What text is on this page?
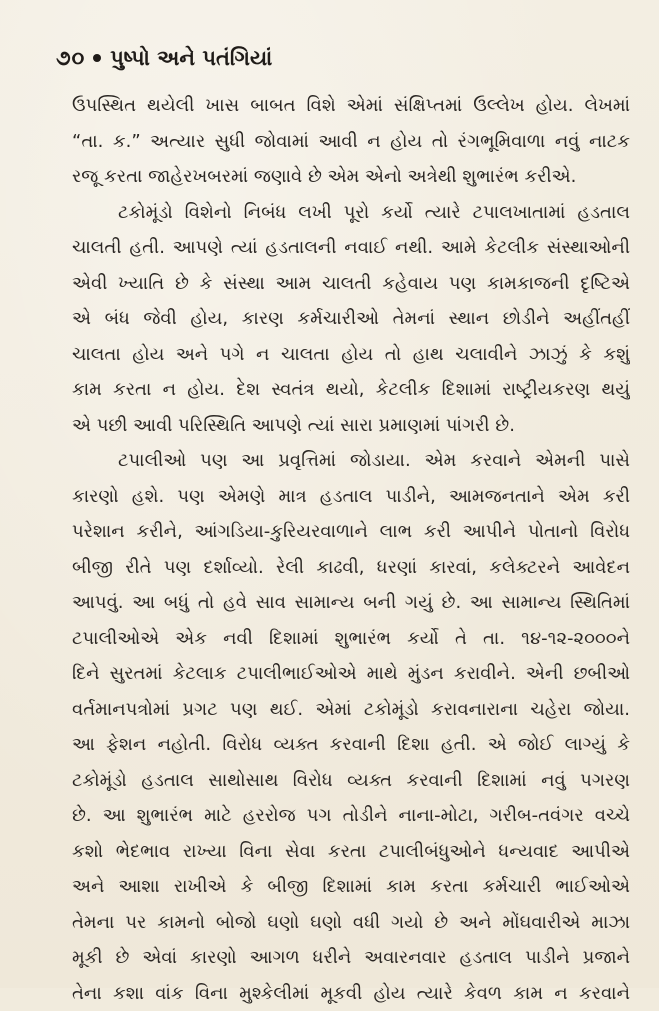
૭૦ પુષ્પો અને પતંગિયાં
ઉપસ્થિત થયેલી ખાસ બાબત વિશે એમાં સંક્ષિપ્તમાં ઉલ્લેખ હોય. લેખમાં
“તા. ક.” અત્યાર સુધી જોવામાં આવી ન હોય તો રંગભૂમિવાળા નવું નાટક
રજૂ કરતા જાહેરખબરમાં જણાવે છે એમ એનો અત્રેથી શુભારંભ કરીએ.
ટકોમૂંડો વિશેનો નિબંધ લખી પૂરો કર્યો ત્યારે ટપાલખાતામાં હડતાલ
ચાલતી હતી. આપણે ત્યાં હડતાલની નવાઈ નથી. આમે કેટલીક સંસ્થાઓની
એવી ખ્યાતિ છે કે સંસ્થા આમ ચાલતી કહેવાય પણ કામકાજની દૃષ્ટિએ
એ બંધ જેવી હોય, કારણ કર્મચારીઓ તેમનાં સ્થાન છોડીને અહીંતહીં
ચાલતા હોય અને પગે ન ચાલતા હોય તો હાથ ચલાવીને ઝાઝું કે કશું
કામ કરતા ન હોય. દેશ સ્વતંત્ર થયો, કેટલીક દિશામાં રાષ્ટ્રીયકરણ થયું
એ પછી આવી પરિસ્થિતિ આપણે ત્યાં સારા પ્રમાણમાં પાંગરી છે.
ટપાલીઓ પણ આ પ્રવૃત્તિમાં જોડાયા. એમ કરવાને એમની પાસે
કારણો હશે. પણ એમણે માત્ર હડતાલ પાડીને, આમજનતાને એમ કરી
પરેશાન કરીને, આંગડિયા-કુરિયરવાળાને લાભ કરી આપીને પોતાનો વિરોધ
બીજી રીતે પણ દર્શાવ્યો. રેલી કાઢવી, ધરણાં કારવાં, કલેક્ટરને આવેદન
આપવું. આ બધું તો હવે સાવ સામાન્ય બની ગયું છે. આ સામાન્ય સ્થિતિમાં
ટપાલીઓએ એક નવી દિશામાં શુભારંભ કર્યો તે તા. ૧૪-૧૨-૨૦૦૦ને
દિને સુરતમાં કેટલાક ટપાલીભાઈઓએ માથે મુંડન કરાવીને. એની છબીઓ
વર્તમાનપત્રોમાં પ્રગટ પણ થઈ. એમાં ટકોમૂંડો કરાવનારાના ચહેરા જોયા.
આ ફેશન નહોતી. વિરોધ વ્યક્ત કરવાની દિશા હતી. એ જોઈ લાગ્યું કે
ટકોમૂંડો હડતાલ સાથોસાથ વિરોધ વ્યક્ત કરવાની દિશામાં નવું પગરણ
છે. આ શુભારંભ માટે હરરોજ પગ તોડીને નાના-મોટા, ગરીબ-તવંગર વચ્ચે
કશો ભેદભાવ રાખ્યા વિના સેવા કરતા ટપાલીબંધુઓને ધન્યવાદ આપીએ
અને આશા રાખીએ કે બીજી દિશામાં કામ કરતા કર્મચારી ભાઈઓએ
તેમના પર કામનો બોજો ઘણો ઘણો વધી ગયો છે અને મોંઘવારીએ માઝા
મૂકી છે એવાં કારણો આગળ ધરીને અવારનવાર હડતાલ પાડીને પ્રજાને
તેના કશા વાંક વિના મુશ્કેલીમાં મૂકવી હોય ત્યારે કેવળ કામ ન કરવાને
